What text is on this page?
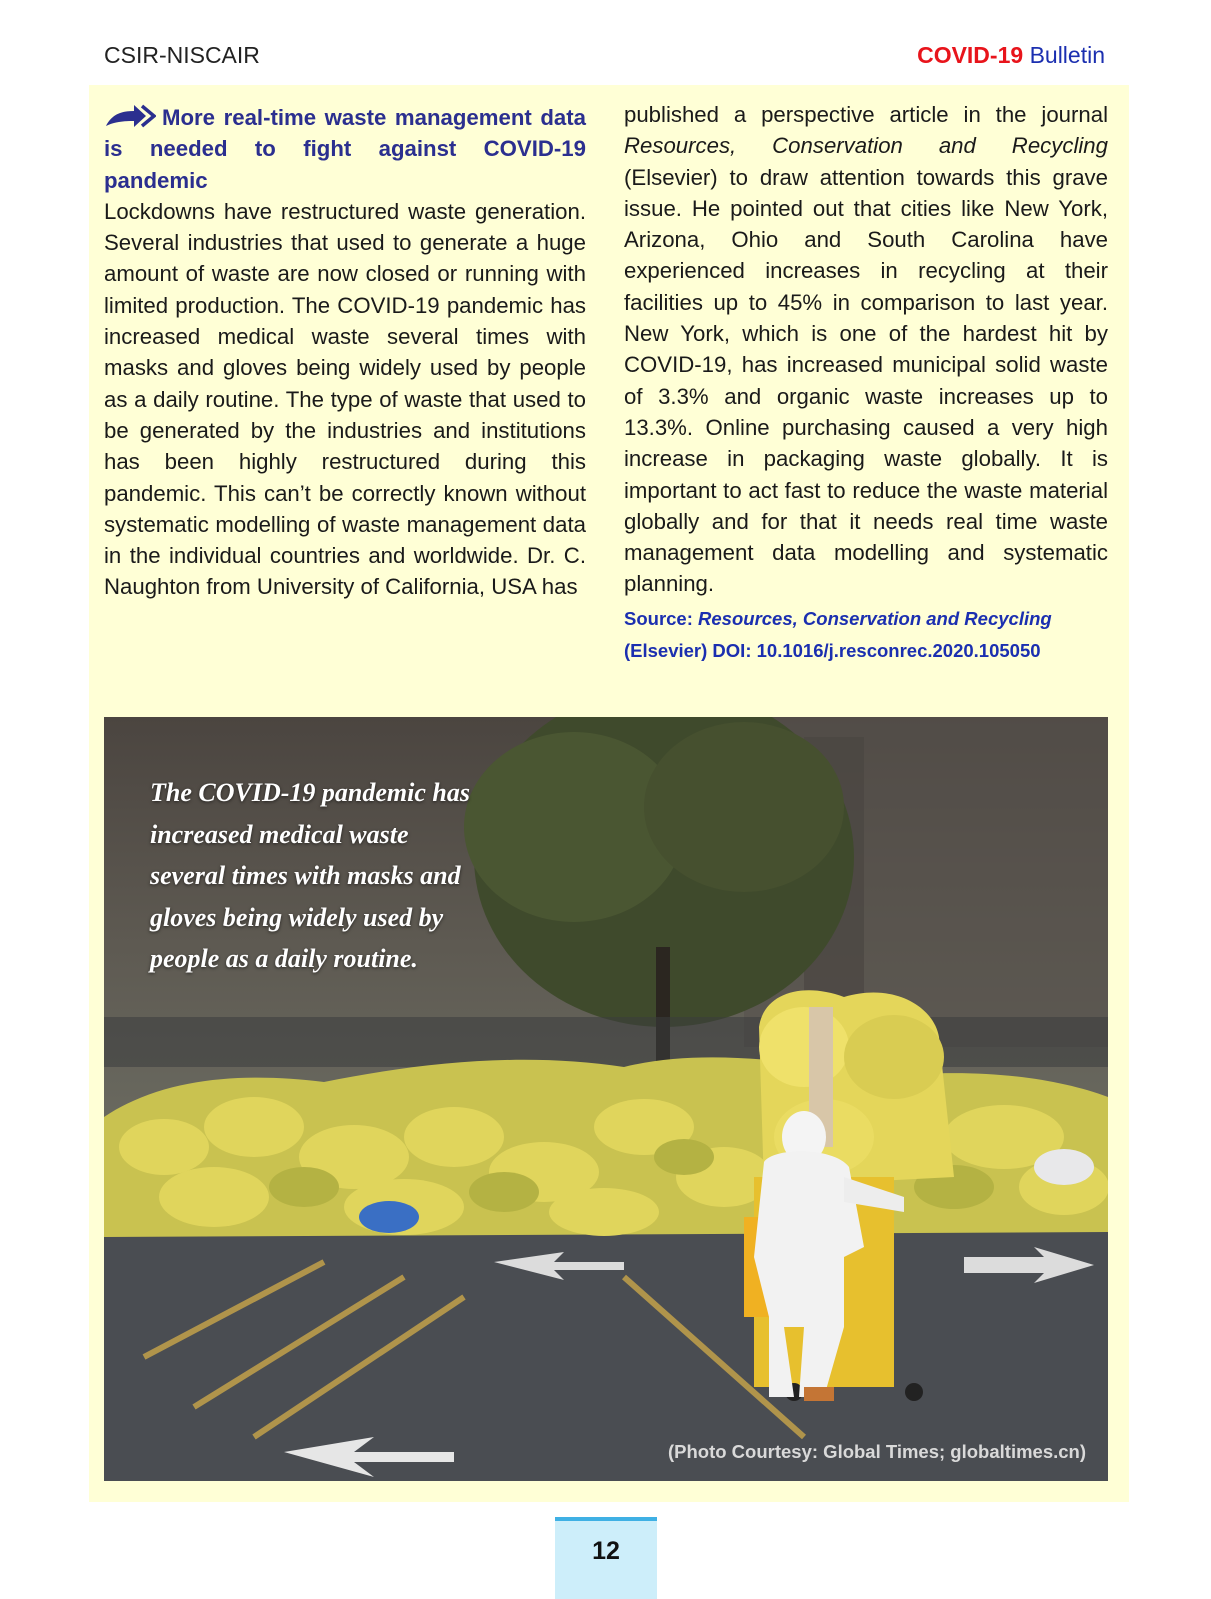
CSIR-NISCAIR	COVID-19 Bulletin

More real-time waste management data is needed to fight against COVID-19 pandemic

Lockdowns have restructured waste generation. Several industries that used to generate a huge amount of waste are now closed or running with limited production. The COVID-19 pandemic has increased medical waste several times with masks and gloves being widely used by people as a daily routine. The type of waste that used to be generated by the industries and institutions has been highly restructured during this pandemic. This can’t be correctly known without systematic modelling of waste management data in the individual countries and worldwide. Dr. C. Naughton from University of California, USA has

published a perspective article in the journal Resources, Conservation and Recycling (Elsevier) to draw attention towards this grave issue. He pointed out that cities like New York, Arizona, Ohio and South Carolina have experienced increases in recycling at their facilities up to 45% in comparison to last year. New York, which is one of the hardest hit by COVID-19, has increased municipal solid waste of 3.3% and organic waste increases up to 13.3%. Online purchasing caused a very high increase in packaging waste globally. It is important to act fast to reduce the waste material globally and for that it needs real time waste management data modelling and systematic planning.

Source: Resources, Conservation and Recycling (Elsevier) DOI: 10.1016/j.resconrec.2020.105050

The COVID-19 pandemic has increased medical waste several times with masks and gloves being widely used by people as a daily routine.
(Photo Courtesy: Global Times; globaltimes.cn)
12
